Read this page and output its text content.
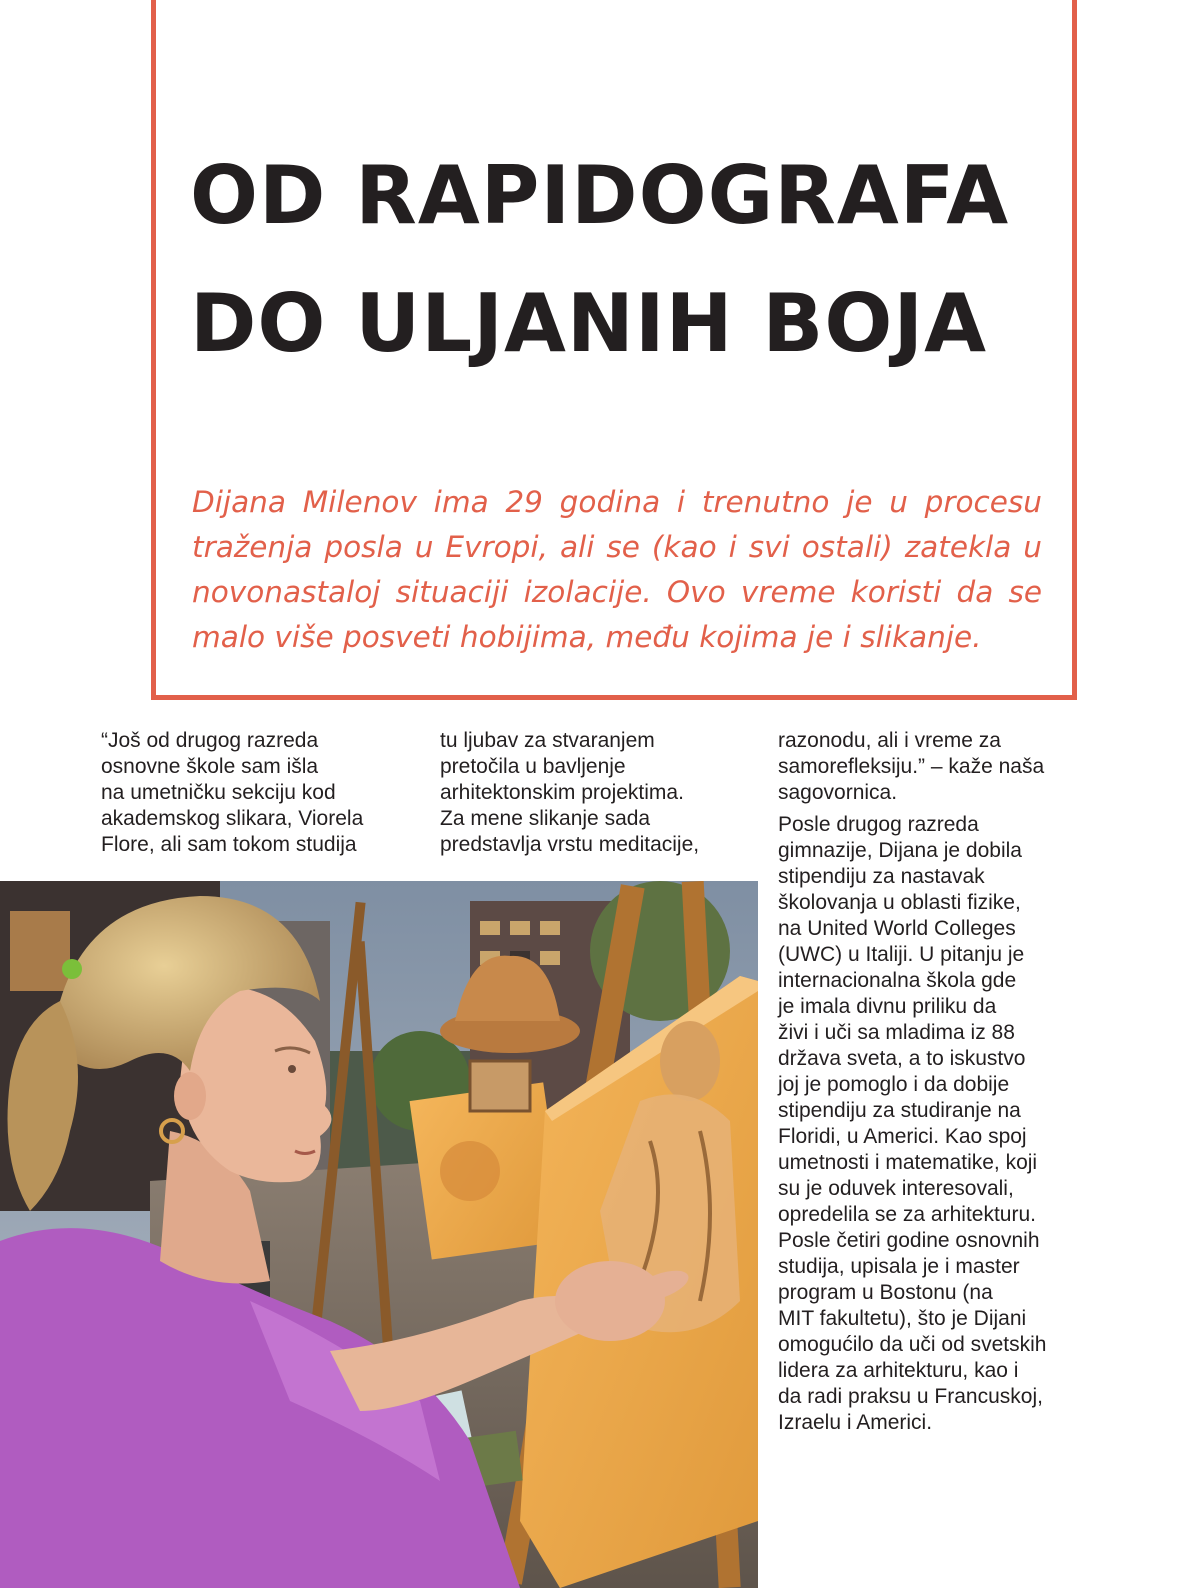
OD RAPIDOGRAFA
DO ULJANIH BOJA

Dijana Milenov ima 29 godina i trenutno je u procesu traženja posla u Evropi, ali se (kao i svi ostali) zatekla u novonastaloj situaciji izolacije. Ovo vreme koristi da se malo više posveti hobijima, među kojima je i slikanje.

“Još od drugog razreda
osnovne škole sam išla
na umetničku sekciju kod
akademskog slikara, Viorela
Flore, ali sam tokom studija

tu ljubav za stvaranjem
pretočila u bavljenje
arhitektonskim projektima.
Za mene slikanje sada
predstavlja vrstu meditacije,

razonodu, ali i vreme za
samorefleksiju.” – kaže naša
sagovornica.

Posle drugog razreda
gimnazije, Dijana je dobila
stipendiju za nastavak
školovanja u oblasti fizike,
na United World Colleges
(UWC) u Italiji. U pitanju je
internacionalna škola gde
je imala divnu priliku da
živi i uči sa mladima iz 88
država sveta, a to iskustvo
joj je pomoglo i da dobije
stipendiju za studiranje na
Floridi, u Americi. Kao spoj
umetnosti i matematike, koji
su je oduvek interesovali,
opredelila se za arhitekturu.
Posle četiri godine osnovnih
studija, upisala je i master
program u Bostonu (na
MIT fakultetu), što je Dijani
omogućilo da uči od svetskih
lidera za arhitekturu, kao i
da radi praksu u Francuskoj,
Izraelu i Americi.
